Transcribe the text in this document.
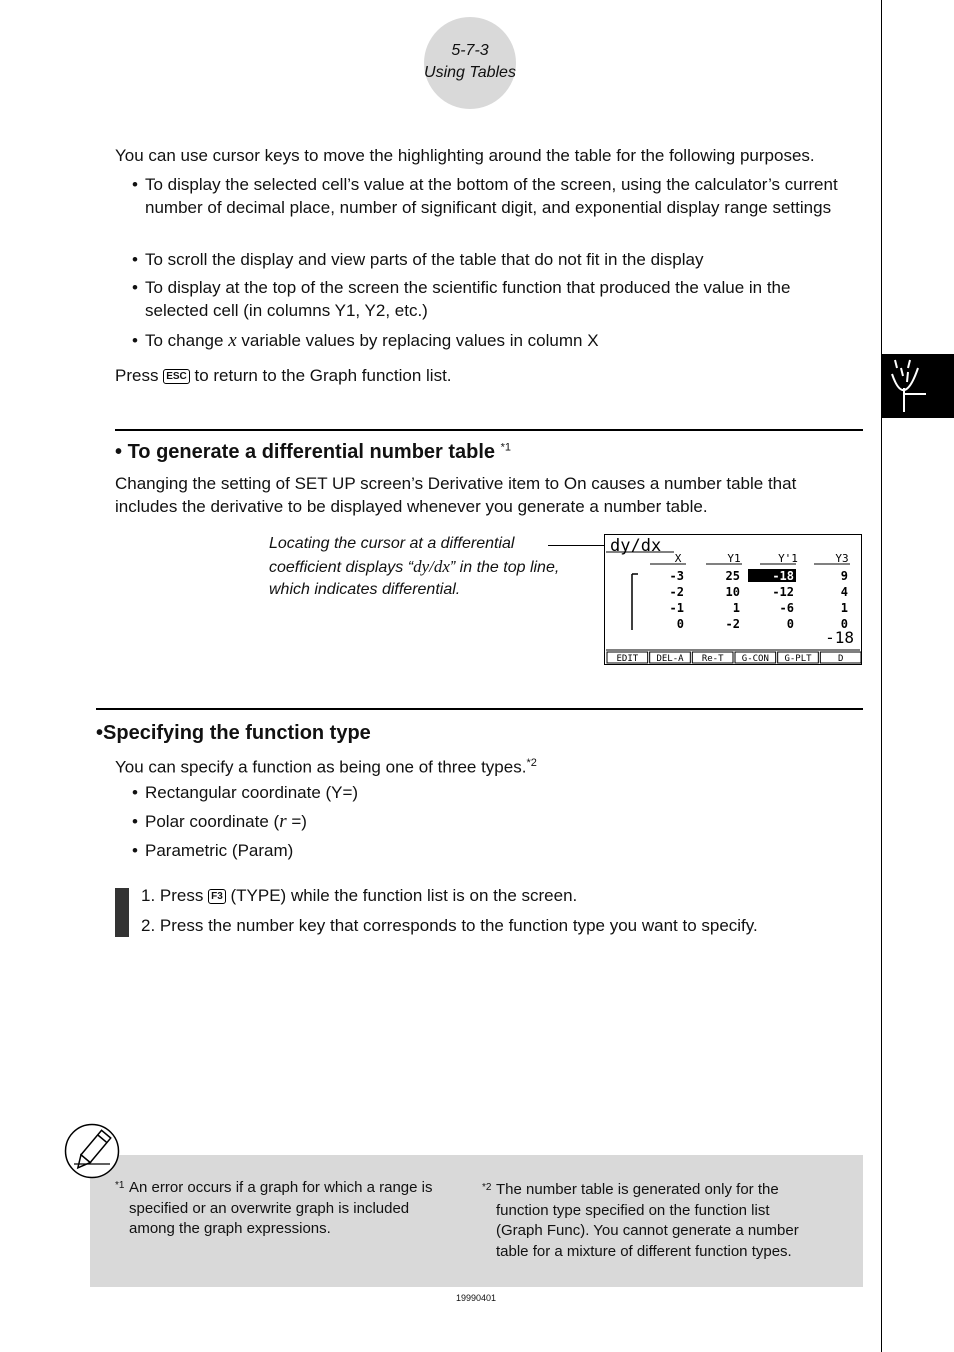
5-7-3
Using Tables
You can use cursor keys to move the highlighting around the table for the following purposes.
• To display the selected cell’s value at the bottom of the screen, using the calculator’s current number of decimal place, number of significant digit, and exponential display range settings
• To scroll the display and view parts of the table that do not fit in the display
• To display at the top of the screen the scientific function that produced the value in the selected cell (in columns Y1, Y2, etc.)
• To change x variable values by replacing values in column X
Press ESC to return to the Graph function list.
• To generate a differential number table $^{*1}$
Changing the setting of SET UP screen’s Derivative item to On causes a number table that includes the derivative to be displayed whenever you generate a number table.
Locating the cursor at a differential
coefficient displays “dy/dx” in the top line,
which indicates differential.
dy/dx
X	Y1	Y'1	Y3
-3	25	-18	9
-2	10	-12	4
-1	1	-6	1
0	-2	0	0
-18
EDIT DEL-A Re-T G-CON G-PLT	D
•Specifying the function type
You can specify a function as being one of three types.$^{*2}$
• Rectangular coordinate (Y=)
• Polar coordinate (r =)
• Parametric (Param)
1. Press F3 (TYPE) while the function list is on the screen.
2. Press the number key that corresponds to the function type you want to specify.
*1 An error occurs if a graph for which a range is
specified or an overwrite graph is included
among the graph expressions.
*2 The number table is generated only for the
function type specified on the function list
(Graph Func). You cannot generate a number
table for a mixture of different function types.
19990401
